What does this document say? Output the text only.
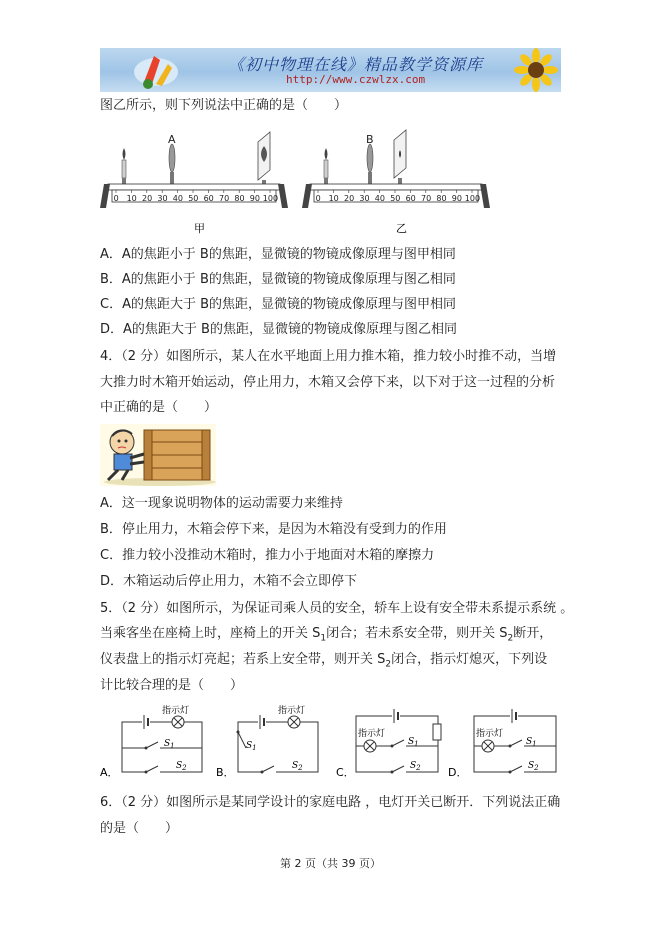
《初中物理在线》精品教学资源库
http://www.czwlzx.com
图乙所示，则下列说法中正确的是（　　）
A	B
0 10 20 30 40 50 60 70 80 90 100	0 10 20 30 40 50 60 70 80 90 100
甲	乙
A．A的焦距小于 B的焦距，显微镜的物镜成像原理与图甲相同
B．A的焦距小于 B的焦距，显微镜的物镜成像原理与图乙相同
C．A的焦距大于 B的焦距，显微镜的物镜成像原理与图甲相同
D．A的焦距大于 B的焦距，显微镜的物镜成像原理与图乙相同
4．（2 分）如图所示，某人在水平地面上用力推木箱，推力较小时推不动，当增
大推力时木箱开始运动，停止用力，木箱又会停下来，以下对于这一过程的分析
中正确的是（　　）
A．这一现象说明物体的运动需要力来维持
B．停止用力，木箱会停下来，是因为木箱没有受到力的作用
C．推力较小没推动木箱时，推力小于地面对木箱的摩擦力
D．木箱运动后停止用力，木箱不会立即停下
5．（2 分）如图所示，为保证司乘人员的安全，轿车上设有安全带未系提示系统 。
当乘客坐在座椅上时，座椅上的开关 $S_1$闭合；若未系安全带，则开关 $S_2$断开，
仪表盘上的指示灯亮起；若系上安全带，则开关 $S_2$闭合，指示灯熄灭，下列设
计比较合理的是（　　）
指示灯
$S_1$
$S_2$
A．
指示灯
$S_1$
$S_2$
B．
指示灯
$S_1$
$S_2$
C．
指示灯
$S_1$
$S_2$
D．
6．（2 分）如图所示是某同学设计的家庭电路 ，电灯开关已断开．下列说法正确
的是（　　）
第 2 页（共 39 页）
